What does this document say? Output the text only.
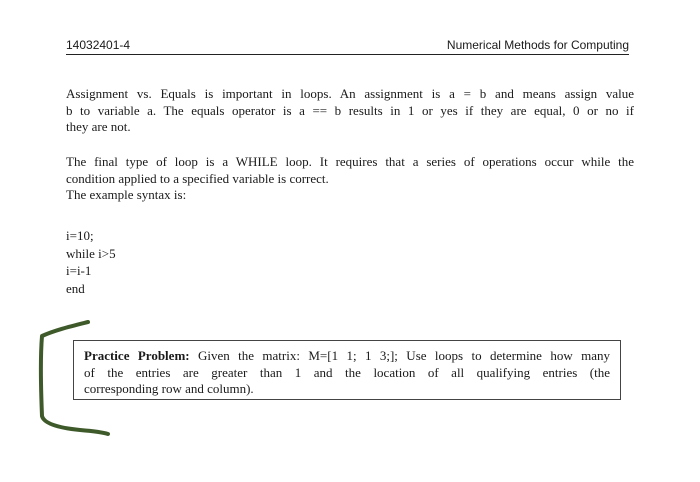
14032401-4	Numerical Methods for Computing
Assignment vs. Equals is important in loops. An assignment is a = b and means assign value
b to variable a. The equals operator is a == b results in 1 or yes if they are equal, 0 or no if
they are not.
The final type of loop is a WHILE loop. It requires that a series of operations occur while the
condition applied to a specified variable is correct.
The example syntax is:
i=10;
while i>5
i=i-1
end
Practice Problem: Given the matrix: M=[1 1; 1 3;]; Use loops to determine how many
of the entries are greater than 1 and the location of all qualifying entries (the
corresponding row and column).
